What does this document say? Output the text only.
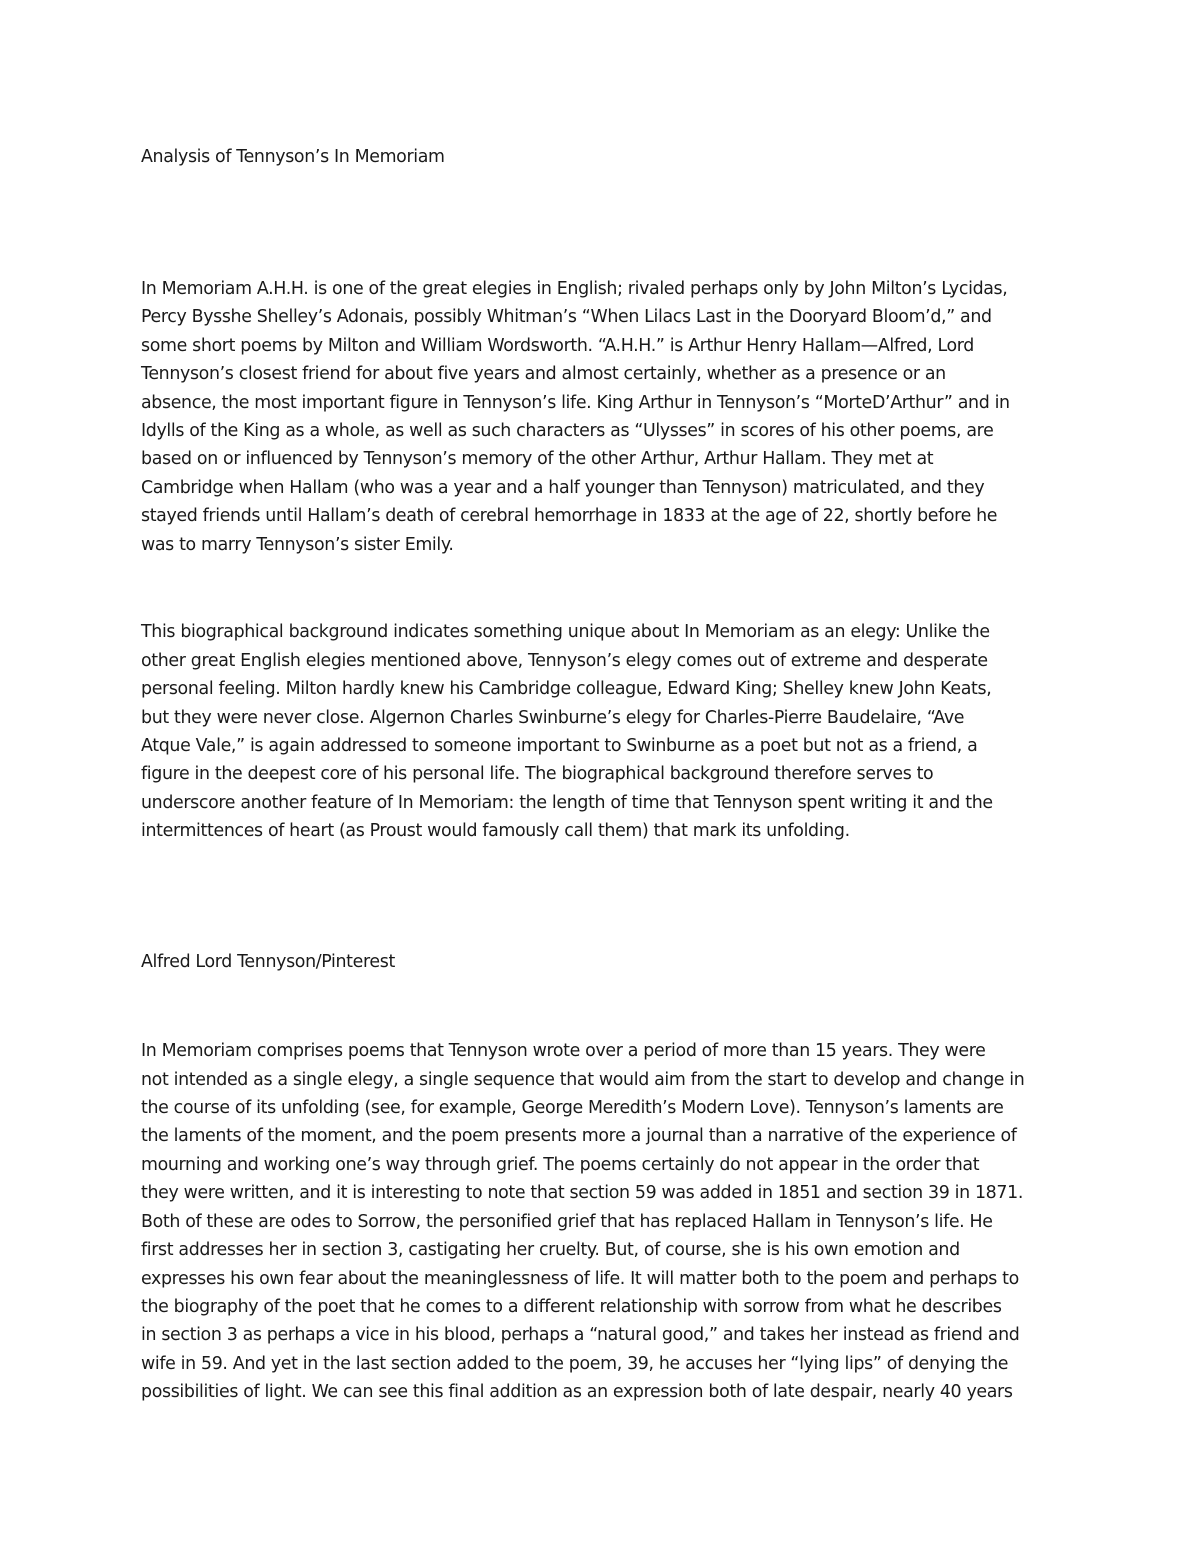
Analysis of Tennyson’s In Memoriam

In Memoriam A.H.H. is one of the great elegies in English; rivaled perhaps only by John Milton’s Lycidas,

Percy Bysshe Shelley’s Adonais, possibly Whitman’s “When Lilacs Last in the Dooryard Bloom’d,” and

some short poems by Milton and William Wordsworth. “A.H.H.” is Arthur Henry Hallam—Alfred, Lord

Tennyson’s closest friend for about five years and almost certainly, whether as a presence or an

absence, the most important figure in Tennyson’s life. King Arthur in Tennyson’s “MorteD’Arthur” and in

Idylls of the King as a whole, as well as such characters as “Ulysses” in scores of his other poems, are

based on or influenced by Tennyson’s memory of the other Arthur, Arthur Hallam. They met at

Cambridge when Hallam (who was a year and a half younger than Tennyson) matriculated, and they

stayed friends until Hallam’s death of cerebral hemorrhage in 1833 at the age of 22, shortly before he

was to marry Tennyson’s sister Emily.

This biographical background indicates something unique about In Memoriam as an elegy: Unlike the

other great English elegies mentioned above, Tennyson’s elegy comes out of extreme and desperate

personal feeling. Milton hardly knew his Cambridge colleague, Edward King; Shelley knew John Keats,

but they were never close. Algernon Charles Swinburne’s elegy for Charles-Pierre Baudelaire, “Ave

Atque Vale,” is again addressed to someone important to Swinburne as a poet but not as a friend, a

figure in the deepest core of his personal life. The biographical background therefore serves to

underscore another feature of In Memoriam: the length of time that Tennyson spent writing it and the

intermittences of heart (as Proust would famously call them) that mark its unfolding.

Alfred Lord Tennyson/Pinterest

In Memoriam comprises poems that Tennyson wrote over a period of more than 15 years. They were

not intended as a single elegy, a single sequence that would aim from the start to develop and change in

the course of its unfolding (see, for example, George Meredith’s Modern Love). Tennyson’s laments are

the laments of the moment, and the poem presents more a journal than a narrative of the experience of

mourning and working one’s way through grief. The poems certainly do not appear in the order that

they were written, and it is interesting to note that section 59 was added in 1851 and section 39 in 1871.

Both of these are odes to Sorrow, the personified grief that has replaced Hallam in Tennyson’s life. He

first addresses her in section 3, castigating her cruelty. But, of course, she is his own emotion and

expresses his own fear about the meaninglessness of life. It will matter both to the poem and perhaps to

the biography of the poet that he comes to a different relationship with sorrow from what he describes

in section 3 as perhaps a vice in his blood, perhaps a “natural good,” and takes her instead as friend and

wife in 59. And yet in the last section added to the poem, 39, he accuses her “lying lips” of denying the

possibilities of light. We can see this final addition as an expression both of late despair, nearly 40 years
